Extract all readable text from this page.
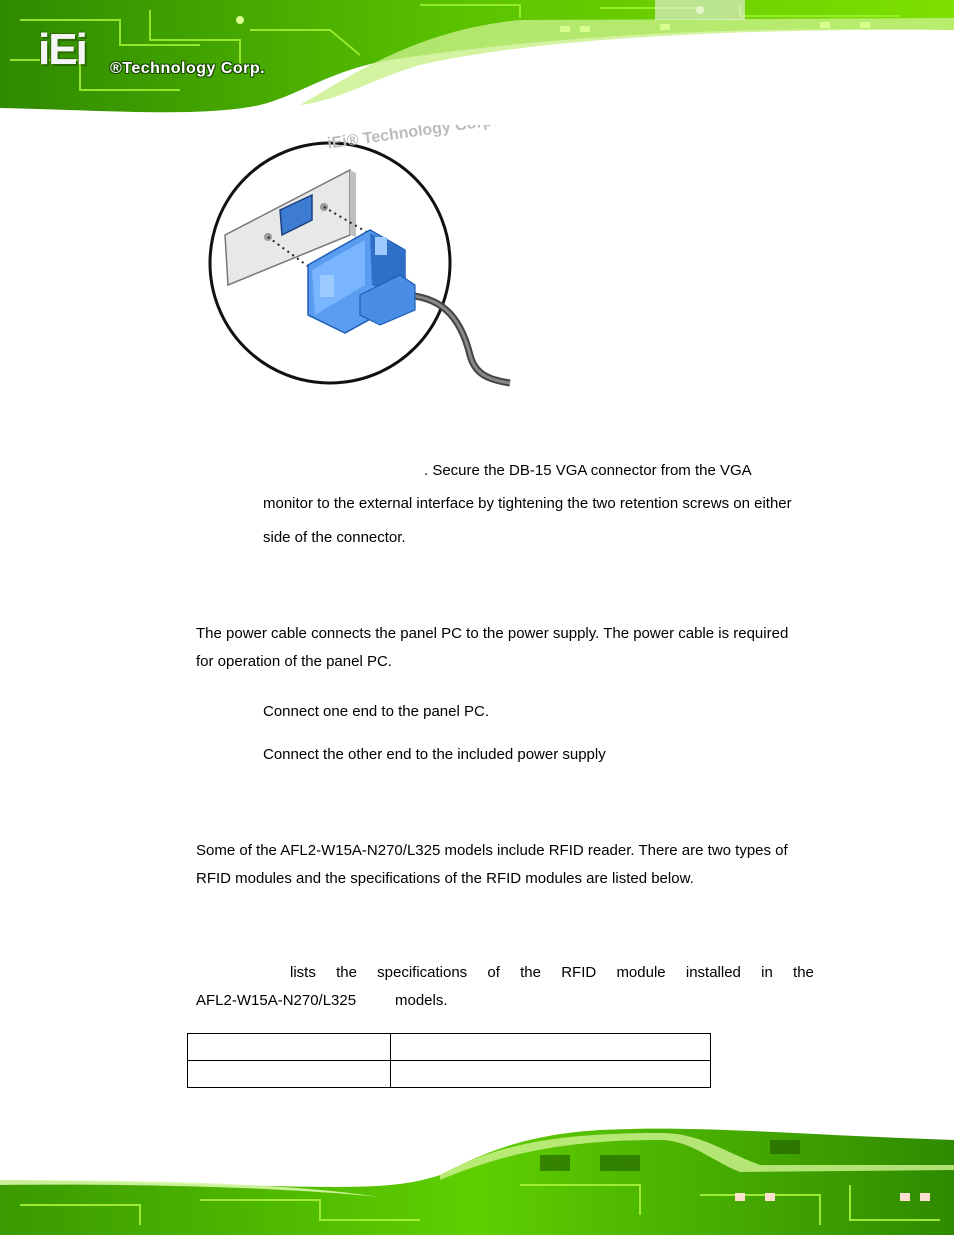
iEi ®Technology Corp.
iEi® Technology Corp.
. Secure the DB-15 VGA connector from the VGA
monitor to the external interface by tightening the two retention screws on either
side of the connector.
The power cable connects the panel PC to the power supply. The power cable is required
for operation of the panel PC.
Connect one end to the panel PC.
Connect the other end to the included power supply
Some of the AFL2-W15A-N270/L325 models include RFID reader. There are two types of
RFID modules and the specifications of the RFID modules are listed below.
lists the specifications of the RFID module installed in the
AFL2-W15A-N270/L325	models.
